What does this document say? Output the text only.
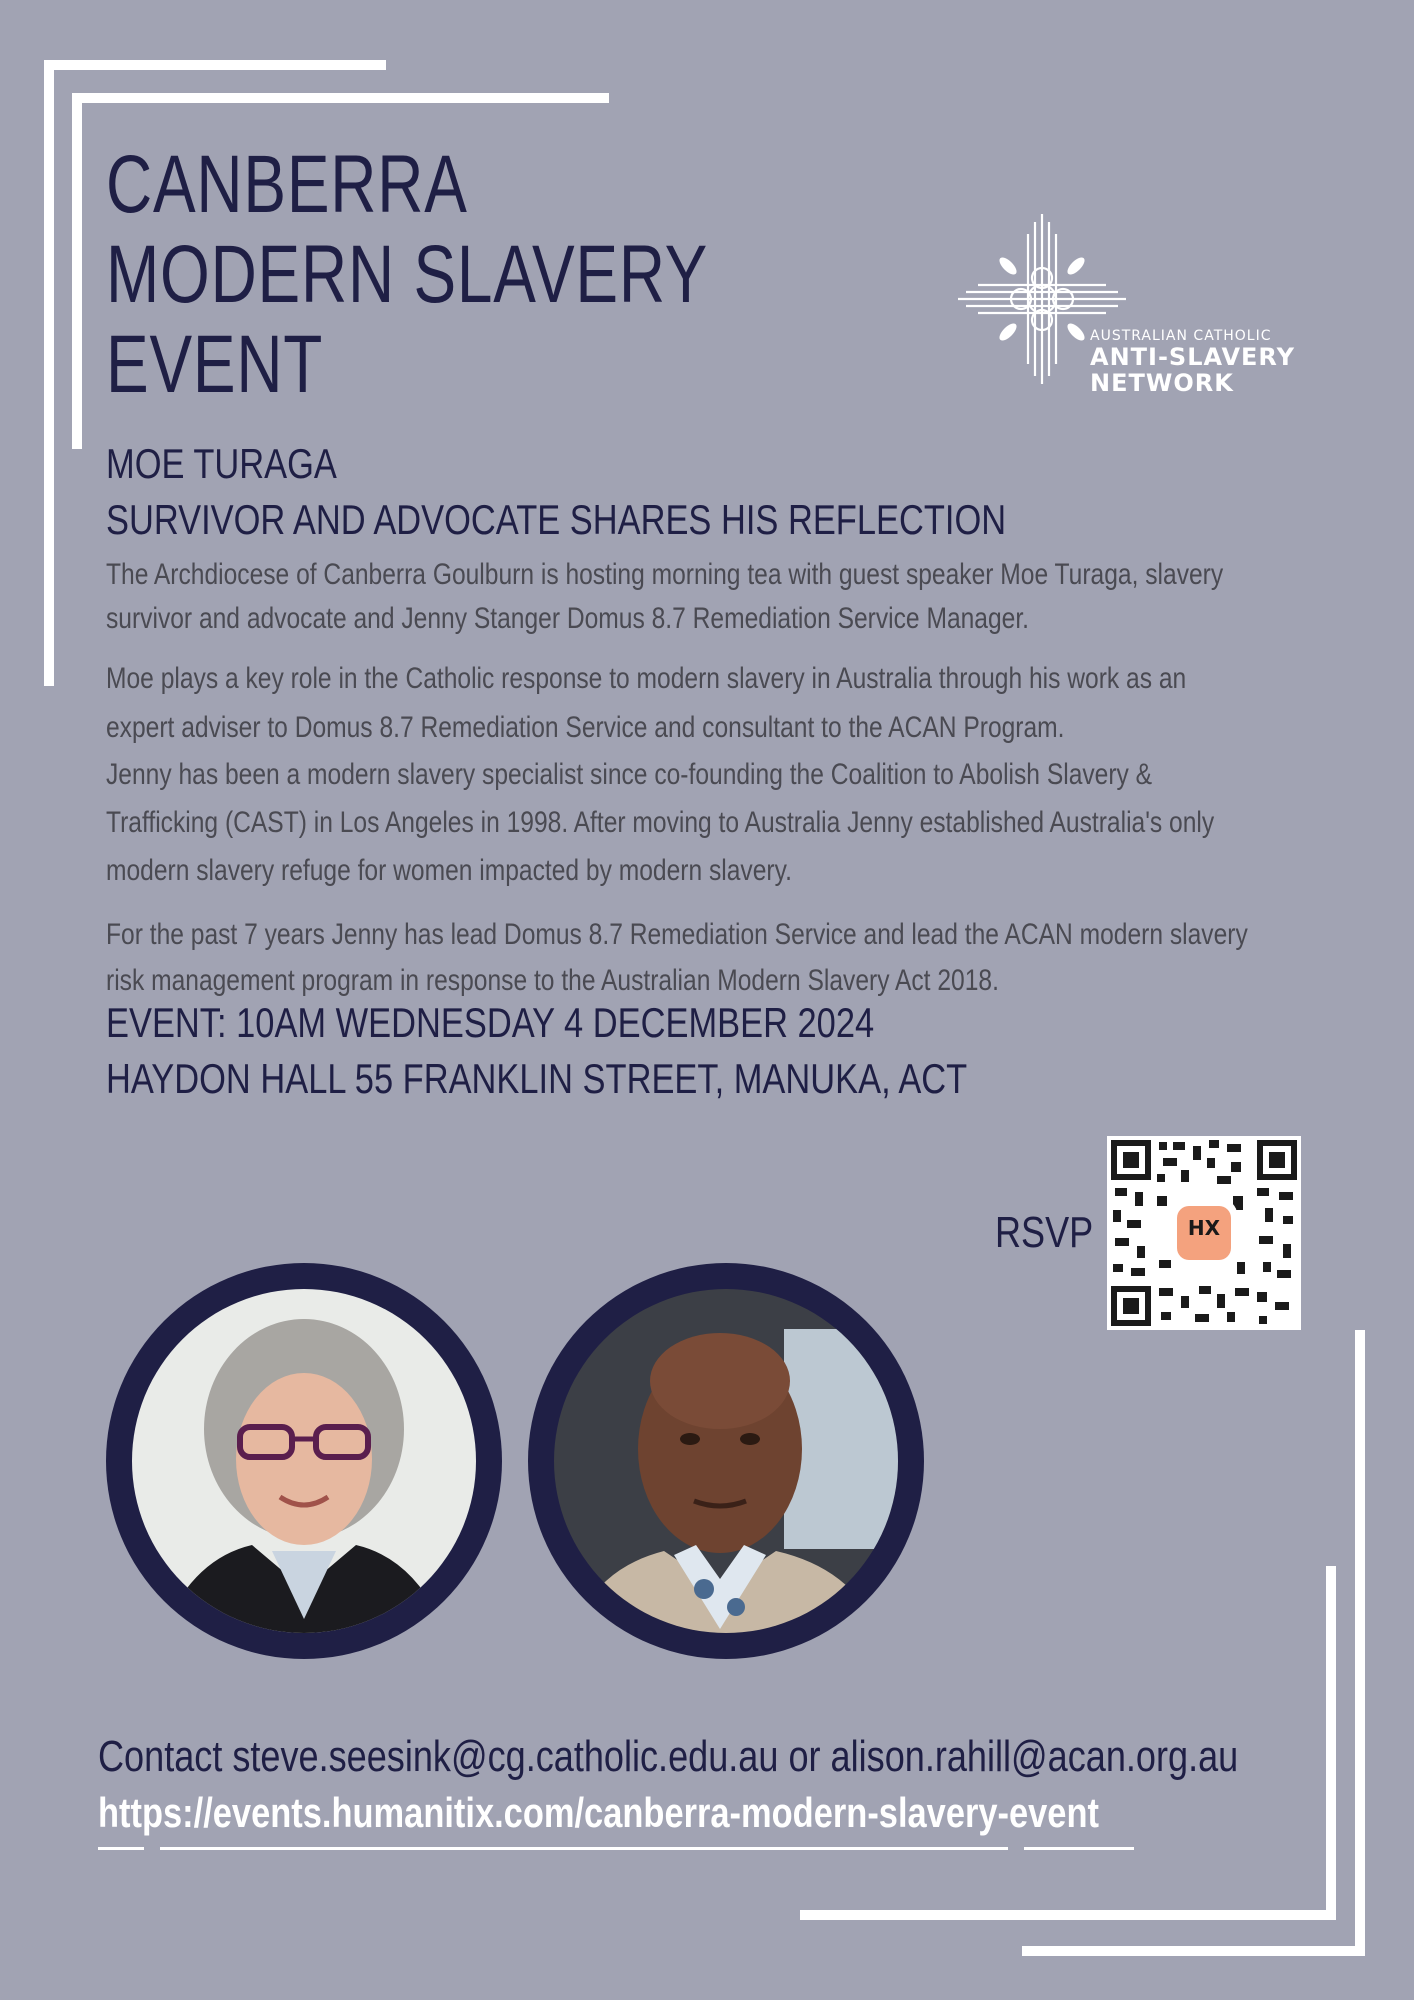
CANBERRA
MODERN SLAVERY
EVENT	AUSTRALIAN CATHOLIC
ANTI-SLAVERY
NETWORK
MOE TURAGA
SURVIVOR AND ADVOCATE SHARES HIS REFLECTION
The Archdiocese of Canberra Goulburn is hosting morning tea with guest speaker Moe Turaga, slavery
survivor and advocate and Jenny Stanger Domus 8.7 Remediation Service Manager.
Moe plays a key role in the Catholic response to modern slavery in Australia through his work as an
expert adviser to Domus 8.7 Remediation Service and consultant to the ACAN Program.
Jenny has been a modern slavery specialist since co-founding the Coalition to Abolish Slavery &
Trafficking (CAST) in Los Angeles in 1998. After moving to Australia Jenny established Australia's only
modern slavery refuge for women impacted by modern slavery.
For the past 7 years Jenny has lead Domus 8.7 Remediation Service and lead the ACAN modern slavery
risk management program in response to the Australian Modern Slavery Act 2018.
EVENT: 10AM WEDNESDAY 4 DECEMBER 2024
HAYDON HALL 55 FRANKLIN STREET, MANUKA, ACT
RSVP	HX
Contact steve.seesink@cg.catholic.edu.au or alison.rahill@acan.org.au
https://events.humanitix.com/canberra-modern-slavery-event
